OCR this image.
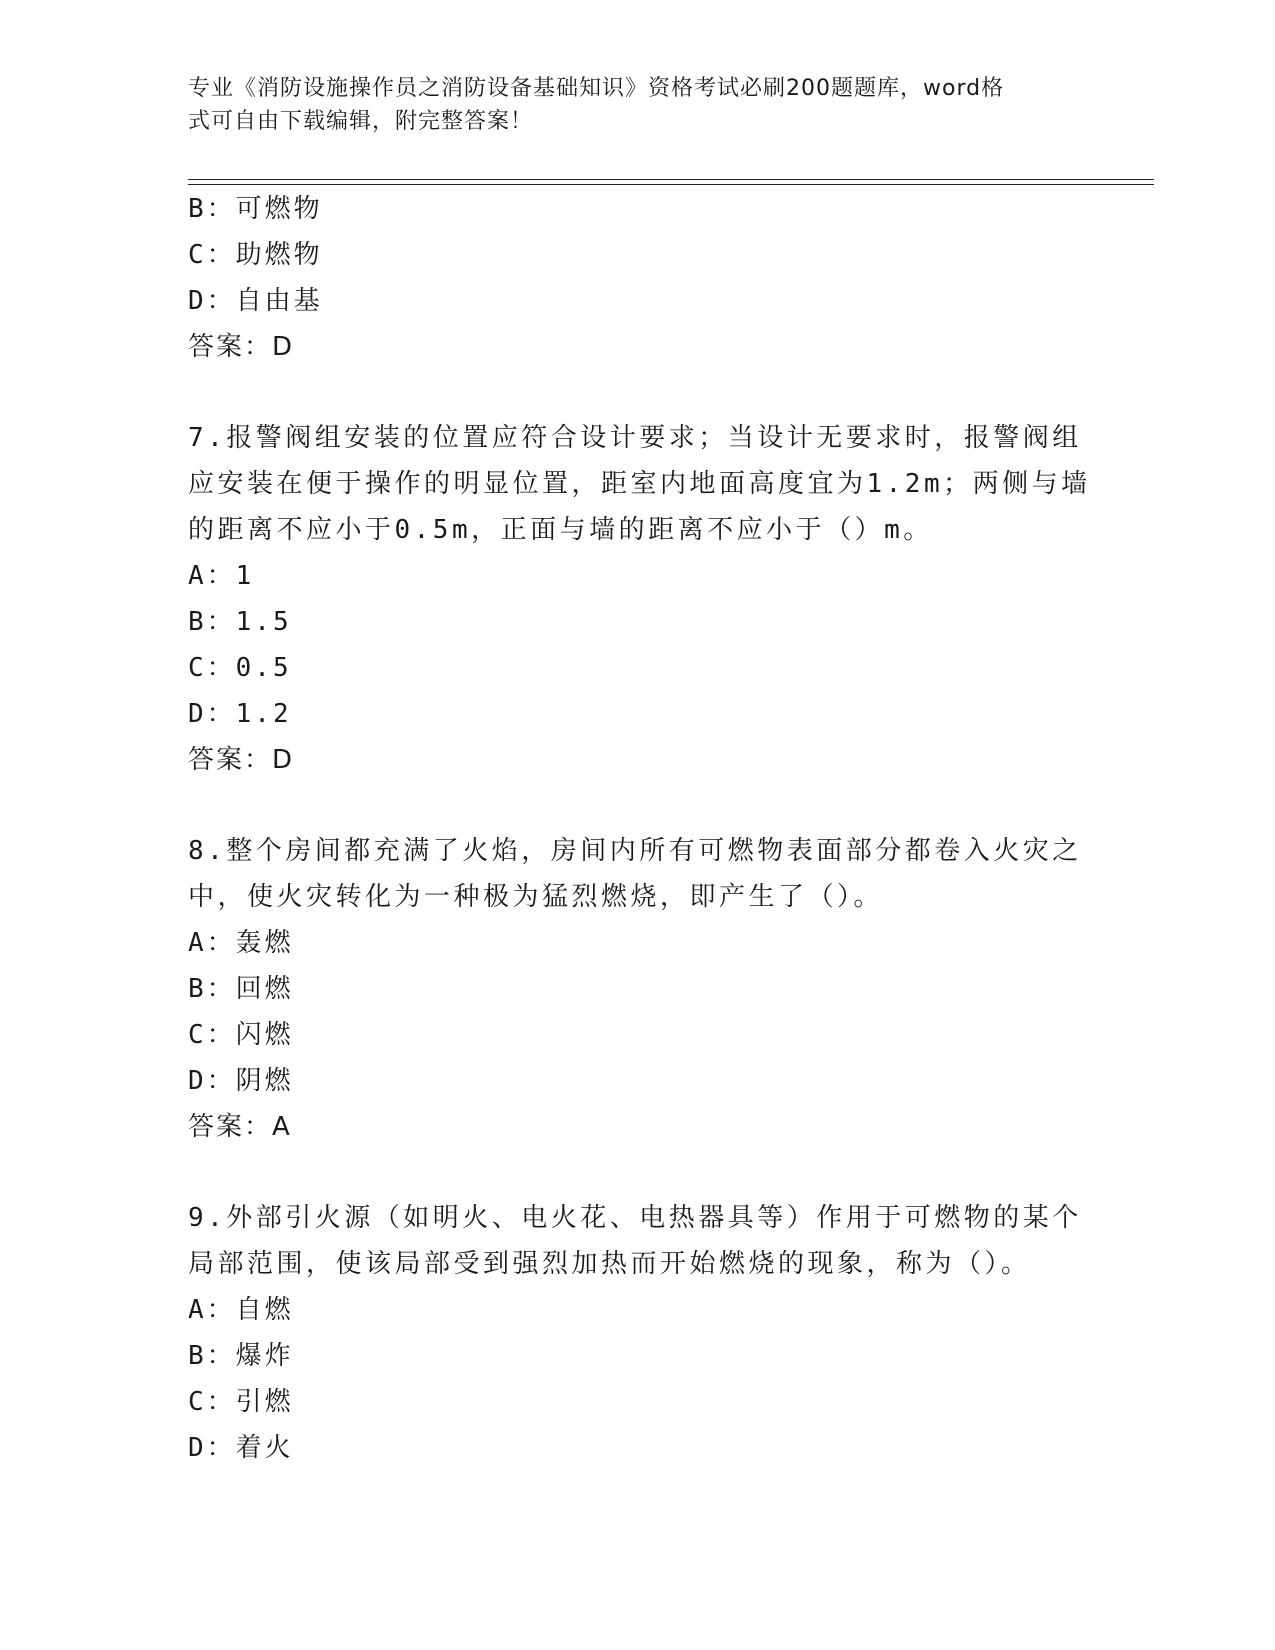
专业《消防设施操作员之消防设备基础知识》资格考试必刷200题题库，word格
式可自由下载编辑，附完整答案！
B：可燃物
C：助燃物
D：自由基
答案：D
7.报警阀组安装的位置应符合设计要求；当设计无要求时，报警阀组
应安装在便于操作的明显位置，距室内地面高度宜为1.2m；两侧与墙
的距离不应小于0.5m，正面与墙的距离不应小于（）m。
A：1
B：1.5
C：0.5
D：1.2
答案：D
8.整个房间都充满了火焰，房间内所有可燃物表面部分都卷入火灾之
中，使火灾转化为一种极为猛烈燃烧，即产生了（）。
A：轰燃
B：回燃
C：闪燃
D：阴燃
答案：A
9.外部引火源（如明火、电火花、电热器具等）作用于可燃物的某个
局部范围，使该局部受到强烈加热而开始燃烧的现象，称为（）。
A：自燃
B：爆炸
C：引燃
D：着火
